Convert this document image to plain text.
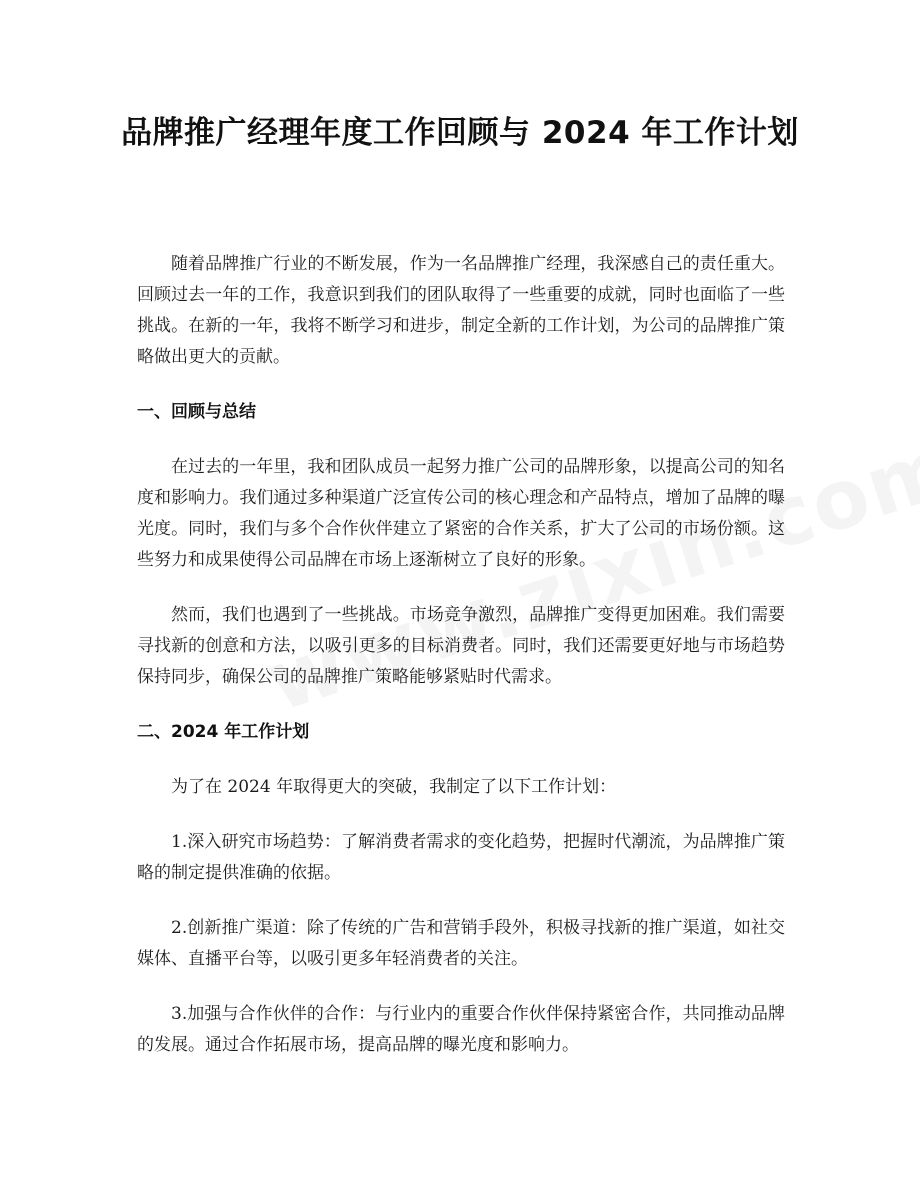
品牌推广经理年度工作回顾与 2024 年工作计划

随着品牌推广行业的不断发展，作为一名品牌推广经理，我深感自己的责任重大。回顾过去一年的工作，我意识到我们的团队取得了一些重要的成就，同时也面临了一些挑战。在新的一年，我将不断学习和进步，制定全新的工作计划，为公司的品牌推广策略做出更大的贡献。

一、回顾与总结

在过去的一年里，我和团队成员一起努力推广公司的品牌形象，以提高公司的知名度和影响力。我们通过多种渠道广泛宣传公司的核心理念和产品特点，增加了品牌的曝光度。同时，我们与多个合作伙伴建立了紧密的合作关系，扩大了公司的市场份额。这些努力和成果使得公司品牌在市场上逐渐树立了良好的形象。

然而，我们也遇到了一些挑战。市场竞争激烈，品牌推广变得更加困难。我们需要寻找新的创意和方法，以吸引更多的目标消费者。同时，我们还需要更好地与市场趋势保持同步，确保公司的品牌推广策略能够紧贴时代需求。

二、2024 年工作计划

为了在 2024 年取得更大的突破，我制定了以下工作计划：

1.深入研究市场趋势：了解消费者需求的变化趋势，把握时代潮流，为品牌推广策略的制定提供准确的依据。

2.创新推广渠道：除了传统的广告和营销手段外，积极寻找新的推广渠道，如社交媒体、直播平台等，以吸引更多年轻消费者的关注。

3.加强与合作伙伴的合作：与行业内的重要合作伙伴保持紧密合作，共同推动品牌的发展。通过合作拓展市场，提高品牌的曝光度和影响力。
